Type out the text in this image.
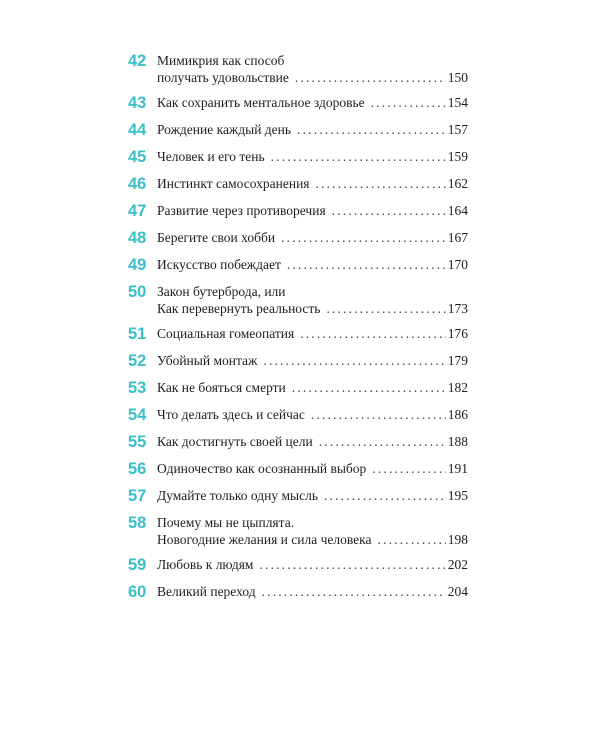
42 Мимикрия как способ
получать удовольствие . . .	150
43 Как сохранить ментальное здоровье . . .	154
44 Рождение каждый день . . .	157
45 Человек и его тень . . .	159
46 Инстинкт самосохранения . . .	162
47 Развитие через противоречия . . .	164
48 Берегите свои хобби . . .	167
49 Искусство побеждает . . .	170
50 Закон бутерброда, или
Как перевернуть реальность . . .	173
51 Социальная гомеопатия . . .	176
52 Убойный монтаж . . .	179
53 Как не бояться смерти . . .	182
54 Что делать здесь и сейчас . . .	186
55 Как достигнуть своей цели . . .	188
56 Одиночество как осознанный выбор . . .	191
57 Думайте только одну мысль . . .	195
58 Почему мы не цыплята.
Новогодние желания и сила человека . . .	198
59 Любовь к людям . . .	202
60 Великий переход . . .	204
